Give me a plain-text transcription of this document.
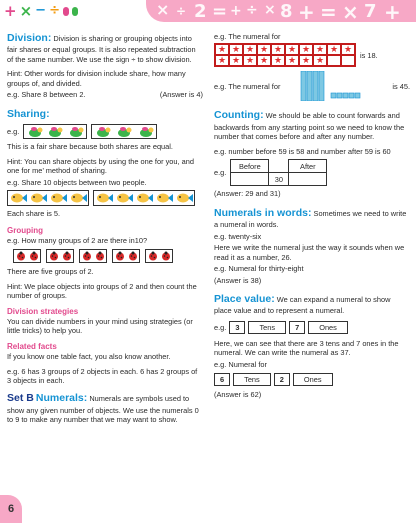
+ × − ÷	× ÷ 2 = + ÷ × 8 + = × 7 +

Division: Division is sharing or grouping objects into fair shares or equal groups. It is also repeated subtraction of the same number. We use the sign ÷ to show division.

Hint: Other words for division include share, how many groups of, and divided.

e.g. Share 8 between 2.	(Answer is 4)

Sharing:
e.g.

This is a fair share because both shares are equal.

Hint: You can share objects by using the one for you, and one for me’ method of sharing.

e.g. Share 10 objects between two people.

Each share is 5.

Grouping

e.g. How many groups of 2 are there in10?

There are five groups of 2.

Hint: We place objects into groups of 2 and then count the number of groups.

Division strategies

You can divide numbers in your mind using strategies (or little tricks) to help you.

Related facts

If you know one table fact, you also know another.

e.g. 6 has 3 groups of 2 objects in each. 6 has 2 groups of 3 objects in each.

Set B Numerals: Numerals are symbols used to show any given number of objects. We use the numerals 0 to 9 to make any number that we may want to show.

e.g. The numeral for

★ ★ ★ ★ ★ ★ ★ ★ ★ ★
★ ★ ★ ★ ★ ★ ★ ★
is 18.
e.g. The numeral for	is 45.

Counting: We should be able to count forwards and backwards from any starting point so we need to know the number that comes before and after any number.

e.g. number before 59 is 58 and number after 59 is 60

e.g.
Before		After
	30	

(Answer: 29 and 31)

Numerals in words: Sometimes we need to write a numeral in words.

e.g. twenty-six

Here we write the numeral just the way it sounds when we read it as a number, 26.

e.g. Numeral for thirty-eight

(Answer is 38)

Place value: We can expand a numeral to show place value and to represent a numeral.

e.g.	3	Tens	7	Ones

Here, we can see that there are 3 tens and 7 ones in the numeral. We can write the numeral as 37.

e.g. Numeral for

6	Tens	2	Ones

(Answer is 62)

6
